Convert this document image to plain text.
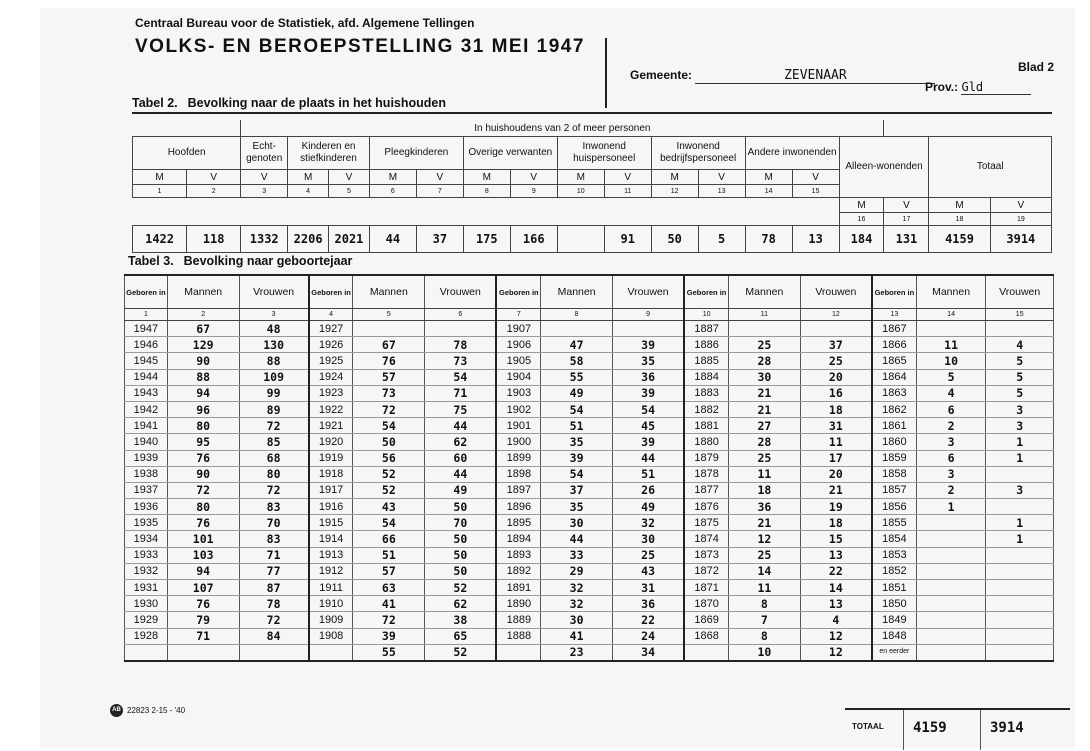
Centraal Bureau voor de Statistiek, afd. Algemene Tellingen
VOLKS- EN BEROEPSTELLING 31 MEI 1947
Gemeente:	ZEVENAAR
Prov.: Gld
Blad 2
Tabel 2. Bevolking naar de plaats in het huishouden
		In huishoudens van 2 of meer personen																
Hoofden		Echt-genoten	Kinderen en stiefkinderen		Pleegkinderen		Overige verwanten		Inwonend huispersoneel		Inwonend bedrijfspersoneel		Andere inwonenden		Alleen-wonenden		Totaal	
M	V	V	M	V	M	V	M	V	M	V	M	V	M	V				
1	2	3	4	5	6	7	8	9	10	11	12	13	14	15				
															M	V	M	V
															16	17	18	19
1422	118	1332	2206	2021	44	37	175	166		91	50	5	78	13	184	131	4159	3914
Tabel 3. Bevolking naar geboortejaar
Geboren in	Mannen	Vrouwen	Geboren in	Mannen	Vrouwen	Geboren in	Mannen	Vrouwen	Geboren in	Mannen	Vrouwen	Geboren in	Mannen	Vrouwen
1	2	3	4	5	6	7	8	9	10	11	12	13	14	15
1947	67	48	1927			1907			1887			1867		
1946	129	130	1926	67	78	1906	47	39	1886	25	37	1866	11	4
1945	90	88	1925	76	73	1905	58	35	1885	28	25	1865	10	5
1944	88	109	1924	57	54	1904	55	36	1884	30	20	1864	5	5
1943	94	99	1923	73	71	1903	49	39	1883	21	16	1863	4	5
1942	96	89	1922	72	75	1902	54	54	1882	21	18	1862	6	3
1941	80	72	1921	54	44	1901	51	45	1881	27	31	1861	2	3
1940	95	85	1920	50	62	1900	35	39	1880	28	11	1860	3	1
1939	76	68	1919	56	60	1899	39	44	1879	25	17	1859	6	1
1938	90	80	1918	52	44	1898	54	51	1878	11	20	1858	3	
1937	72	72	1917	52	49	1897	37	26	1877	18	21	1857	2	3
1936	80	83	1916	43	50	1896	35	49	1876	36	19	1856	1	
1935	76	70	1915	54	70	1895	30	32	1875	21	18	1855		1
1934	101	83	1914	66	50	1894	44	30	1874	12	15	1854		1
1933	103	71	1913	51	50	1893	33	25	1873	25	13	1853		
1932	94	77	1912	57	50	1892	29	43	1872	14	22	1852		
1931	107	87	1911	63	52	1891	32	31	1871	11	14	1851		
1930	76	78	1910	41	62	1890	32	36	1870	8	13	1850		
1929	79	72	1909	72	38	1889	30	22	1869	7	4	1849		
1928	71	84	1908	39	65	1888	41	24	1868	8	12	1848		
				55	52		23	34		10	12	en eerder		
AB 22823 2-15 - '40
TOTAAL 4159	3914
